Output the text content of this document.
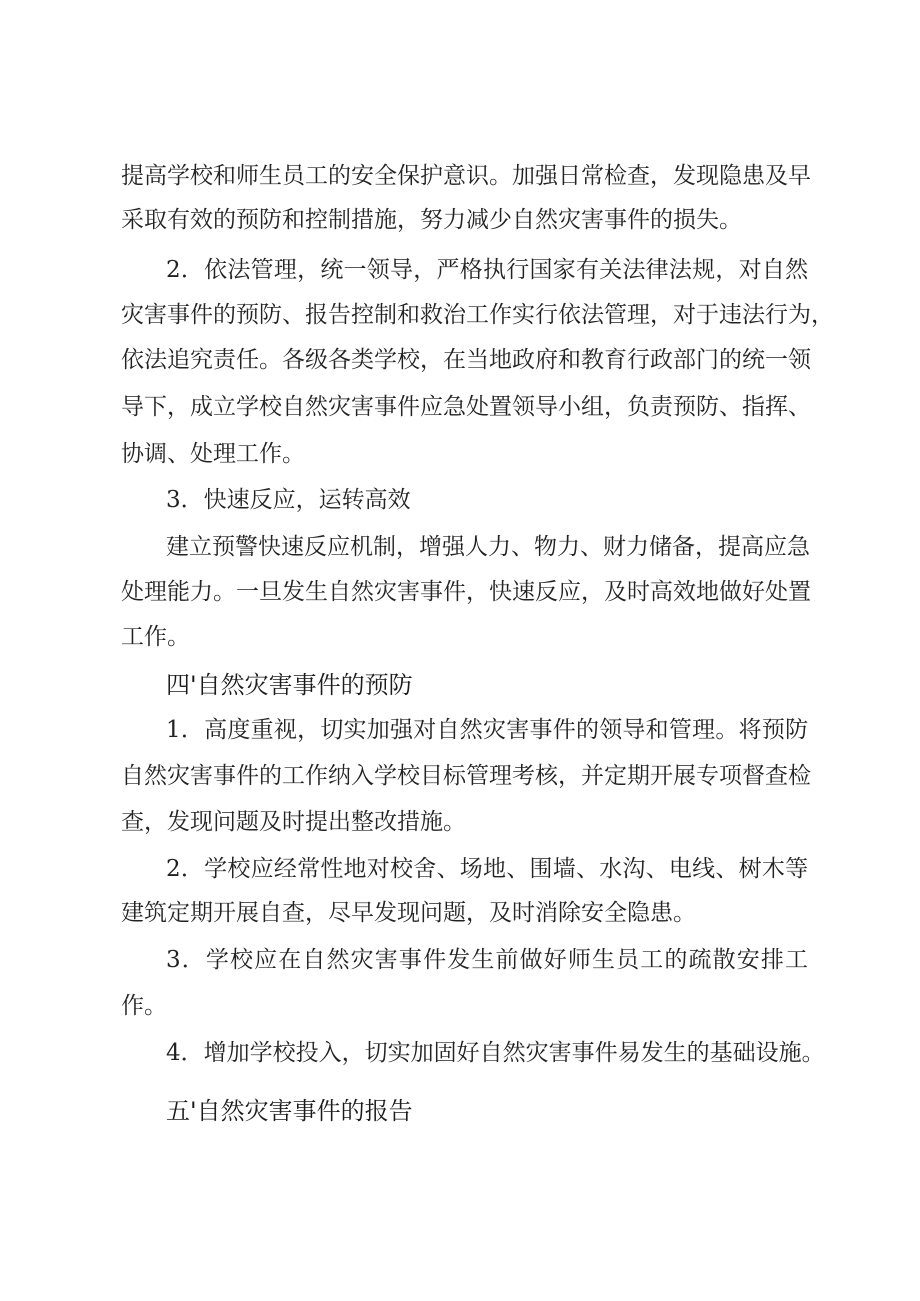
提高学校和师生员工的安全保护意识。加强日常检查，发现隐患及早

采取有效的预防和控制措施，努力减少自然灾害事件的损失。

2．依法管理，统一领导，严格执行国家有关法律法规，对自然

灾害事件的预防、报告控制和救治工作实行依法管理，对于违法行为，

依法追究责任。各级各类学校，在当地政府和教育行政部门的统一领

导下，成立学校自然灾害事件应急处置领导小组，负责预防、指挥、

协调、处理工作。

3．快速反应，运转高效

建立预警快速反应机制，增强人力、物力、财力储备，提高应急

处理能力。一旦发生自然灾害事件，快速反应，及时高效地做好处置

工作。

四'自然灾害事件的预防

1．高度重视，切实加强对自然灾害事件的领导和管理。将预防

自然灾害事件的工作纳入学校目标管理考核，并定期开展专项督查检

查，发现问题及时提出整改措施。

2．学校应经常性地对校舍、场地、围墙、水沟、电线、树木等

建筑定期开展自查，尽早发现问题，及时消除安全隐患。

3．学校应在自然灾害事件发生前做好师生员工的疏散安排工

作。

4．增加学校投入，切实加固好自然灾害事件易发生的基础设施。

五'自然灾害事件的报告
